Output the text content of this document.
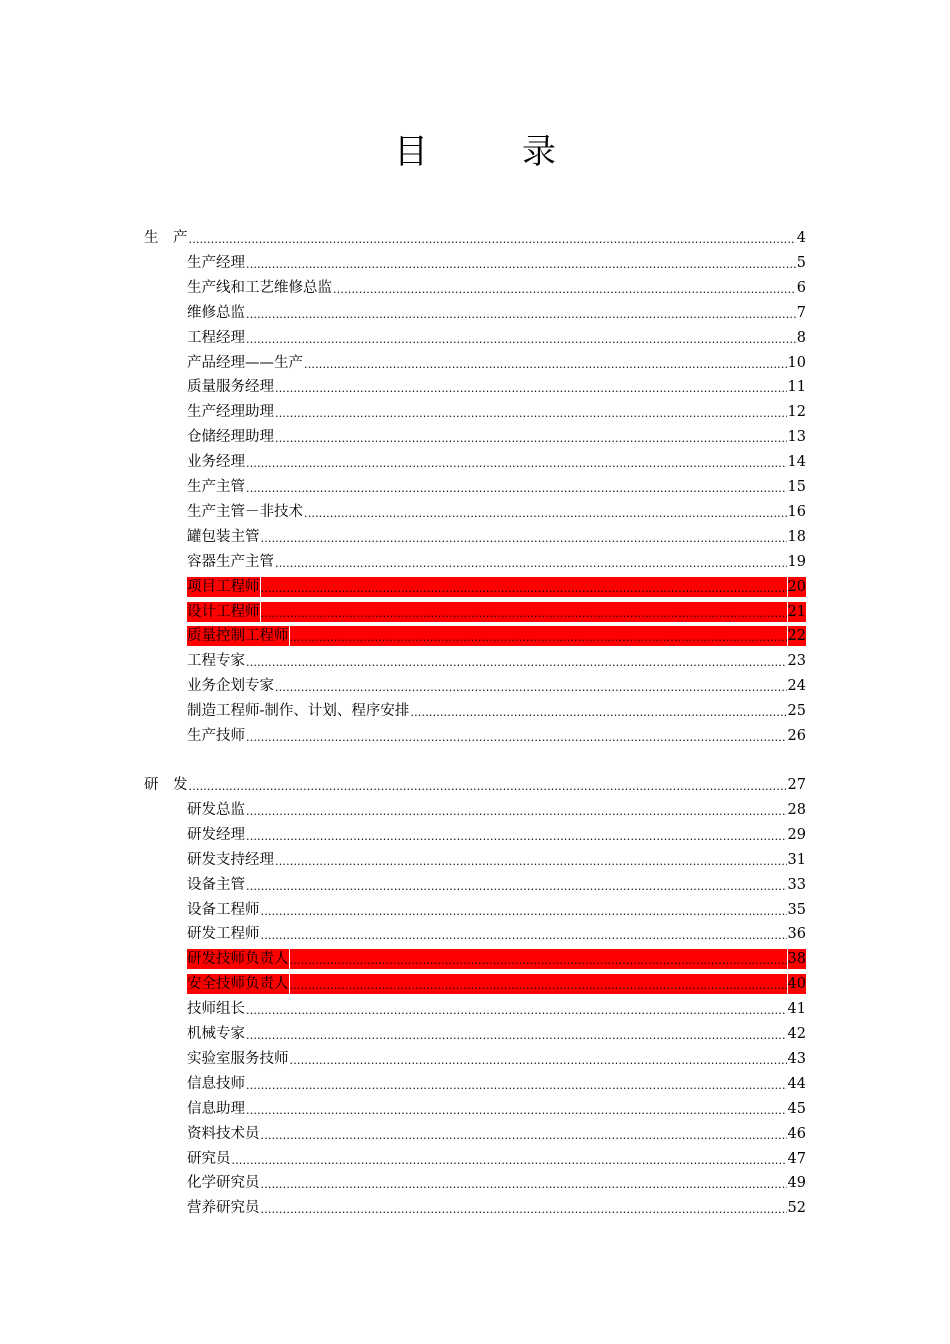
目　录
生　产 .....	4
生产经理 .....	5
生产线和工艺维修总监 .....	6
维修总监 .....	7
工程经理 .....	8
产品经理——生产 .....	10
质量服务经理 .....	11
生产经理助理 .....	12
仓储经理助理 .....	13
业务经理 .....	14
生产主管 .....	15
生产主管－非技术 .....	16
罐包装主管 .....	18
容器生产主管 .....	19
项目工程师 .....	20
设计工程师 .....	21
质量控制工程师 .....	22
工程专家 .....	23
业务企划专家 .....	24
制造工程师-制作、计划、程序安排 .....	25
生产技师 .....	26
研　发 .....	27
研发总监 .....	28
研发经理 .....	29
研发支持经理 .....	31
设备主管 .....	33
设备工程师 .....	35
研发工程师 .....	36
研发技师负责人 .....	38
安全技师负责人 .....	40
技师组长 .....	41
机械专家 .....	42
实验室服务技师 .....	43
信息技师 .....	44
信息助理 .....	45
资料技术员 .....	46
研究员 .....	47
化学研究员 .....	49
营养研究员 .....	52
